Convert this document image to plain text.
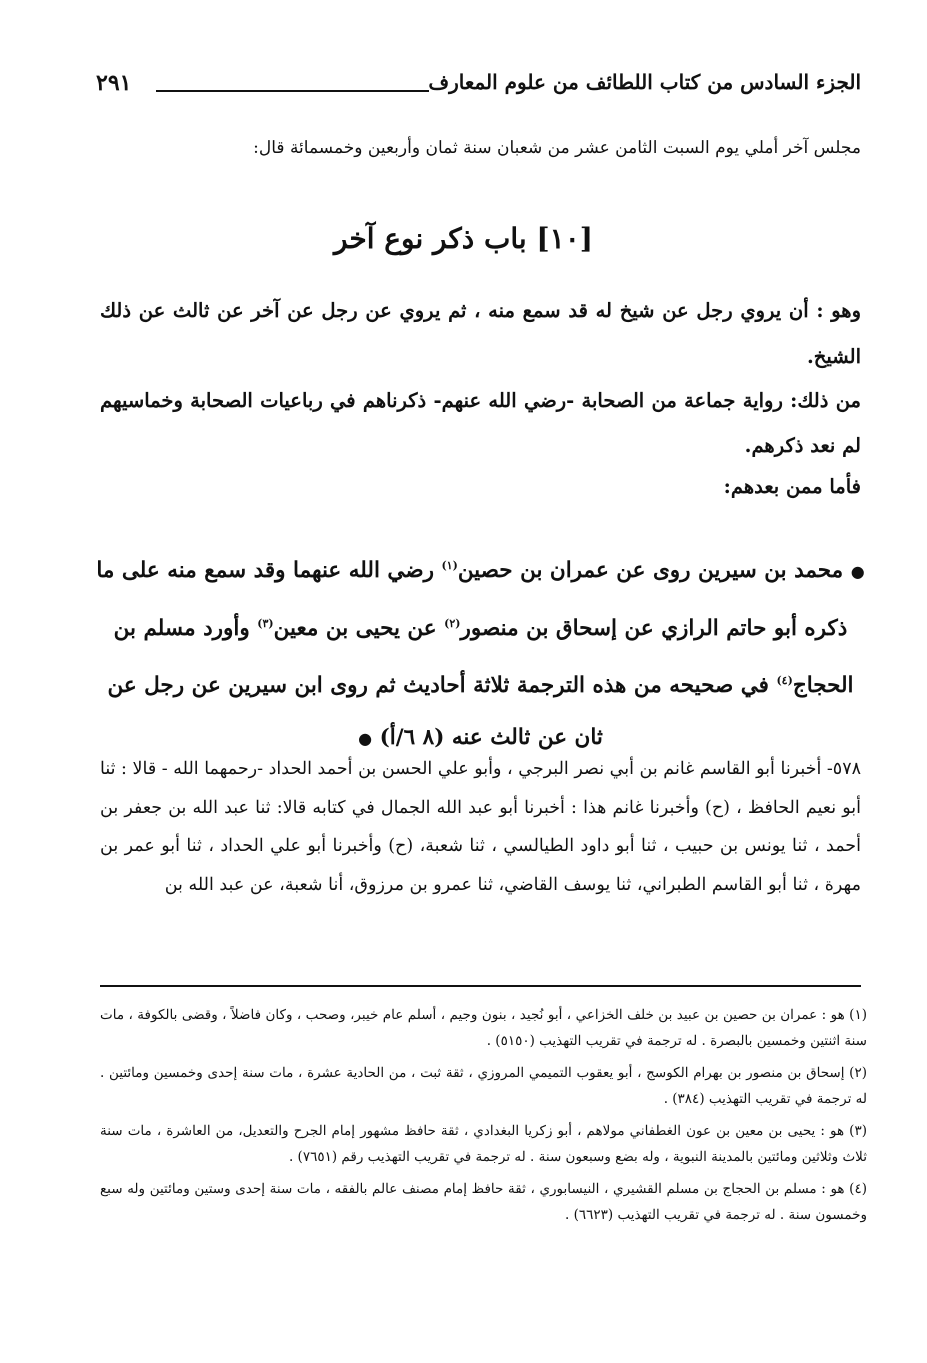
الجزء السادس من كتاب اللطائف من علوم المعارف
٢٩١
مجلس آخر أملي يوم السبت الثامن عشر من شعبان سنة ثمان وأربعين وخمسمائة قال:
[١٠] باب ذكر نوع آخر
وهو : أن يروي رجل عن شيخ له قد سمع منه ، ثم يروي عن رجل عن آخر عن ثالث عن ذلك الشيخ.
من ذلك: رواية جماعة من الصحابة -رضي الله عنهم- ذكرناهم في رباعيات الصحابة وخماسيهم لم نعد ذكرهم.
فأما ممن بعدهم:
● محمد بن سيرين روى عن عمران بن حصين$^{(١)}$ رضي الله عنهما وقد سمع منه على ما ذكره أبو حاتم الرازي عن إسحاق بن منصور$^{(٢)}$ عن يحيى بن معين$^{(٣)}$ وأورد مسلم بن الحجاج$^{(٤)}$ في صحيحه من هذه الترجمة ثلاثة أحاديث ثم روى ابن سيرين عن رجل عن ثان عن ثالث عنه (٨ ٦/أ) ●
٥٧٨- أخبرنا أبو القاسم غانم بن أبي نصر البرجي ، وأبو علي الحسن بن أحمد الحداد -رحمهما الله - قالا : ثنا أبو نعيم الحافظ ، (ح) وأخبرنا غانم هذا : أخبرنا أبو عبد الله الجمال في كتابه قالا: ثنا عبد الله بن جعفر بن أحمد ، ثنا يونس بن حبيب ، ثنا أبو داود الطيالسي ، ثنا شعبة، (ح) وأخبرنا أبو علي الحداد ، ثنا أبو عمر بن مهرة ، ثنا أبو القاسم الطبراني، ثنا يوسف القاضي، ثنا عمرو بن مرزوق، أنا شعبة، عن عبد الله بن
(١) هو : عمران بن حصين بن عبيد بن خلف الخزاعي ، أبو نُجيد ، بنون وجيم ، أسلم عام خيبر، وصحب ، وكان فاضلاً ، وقضى بالكوفة ، مات سنة اثنتين وخمسين بالبصرة . له ترجمة في تقريب التهذيب (٥١٥٠) .
(٢) إسحاق بن منصور بن بهرام الكوسج ، أبو يعقوب التميمي المروزي ، ثقة ثبت ، من الحادية عشرة ، مات سنة إحدى وخمسين ومائتين . له ترجمة في تقريب التهذيب (٣٨٤) .
(٣) هو : يحيى بن معين بن عون الغطفاني مولاهم ، أبو زكريا البغدادي ، ثقة حافظ مشهور إمام الجرح والتعديل، من العاشرة ، مات سنة ثلاث وثلاثين ومائتين بالمدينة النبوية ، وله بضع وسبعون سنة . له ترجمة في تقريب التهذيب رقم (٧٦٥١) .
(٤) هو : مسلم بن الحجاج بن مسلم القشيري ، النيسابوري ، ثقة حافظ إمام مصنف عالم بالفقه ، مات سنة إحدى وستين ومائتين وله سبع وخمسون سنة . له ترجمة في تقريب التهذيب (٦٦٢٣) .
